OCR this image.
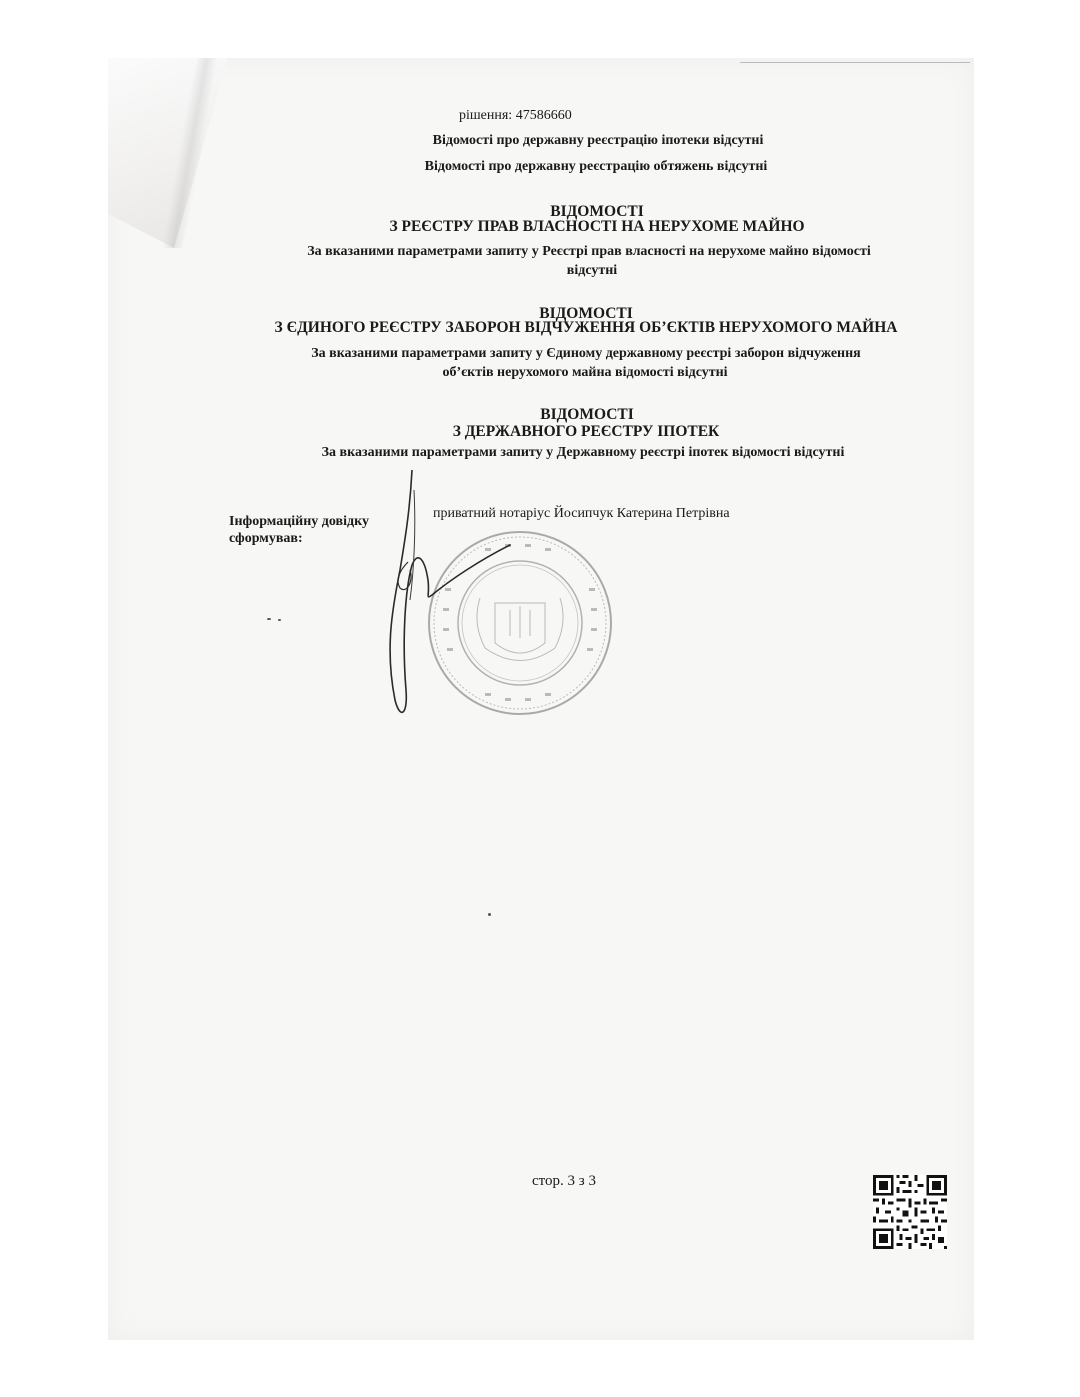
рішення: 47586660
Відомості про державну реєстрацію іпотеки відсутні
Відомості про державну реєстрацію обтяжень відсутні
ВІДОМОСТІ
З РЕЄСТРУ ПРАВ ВЛАСНОСТІ НА НЕРУХОМЕ МАЙНО
За вказаними параметрами запиту у Реєстрі прав власності на нерухоме майно відомості
відсутні
ВІДОМОСТІ
З ЄДИНОГО РЕЄСТРУ ЗАБОРОН ВІДЧУЖЕННЯ ОБ’ЄКТІВ НЕРУХОМОГО МАЙНА
За вказаними параметрами запиту у Єдиному державному реєстрі заборон відчуження
об’єктів нерухомого майна відомості відсутні
ВІДОМОСТІ
З ДЕРЖАВНОГО РЕЄСТРУ ІПОТЕК
За вказаними параметрами запиту у Державному реєстрі іпотек відомості відсутні
Інформаційну довідку
сформував:
приватний нотаріус Йосипчук Катерина Петрівна
стор. 3 з 3
